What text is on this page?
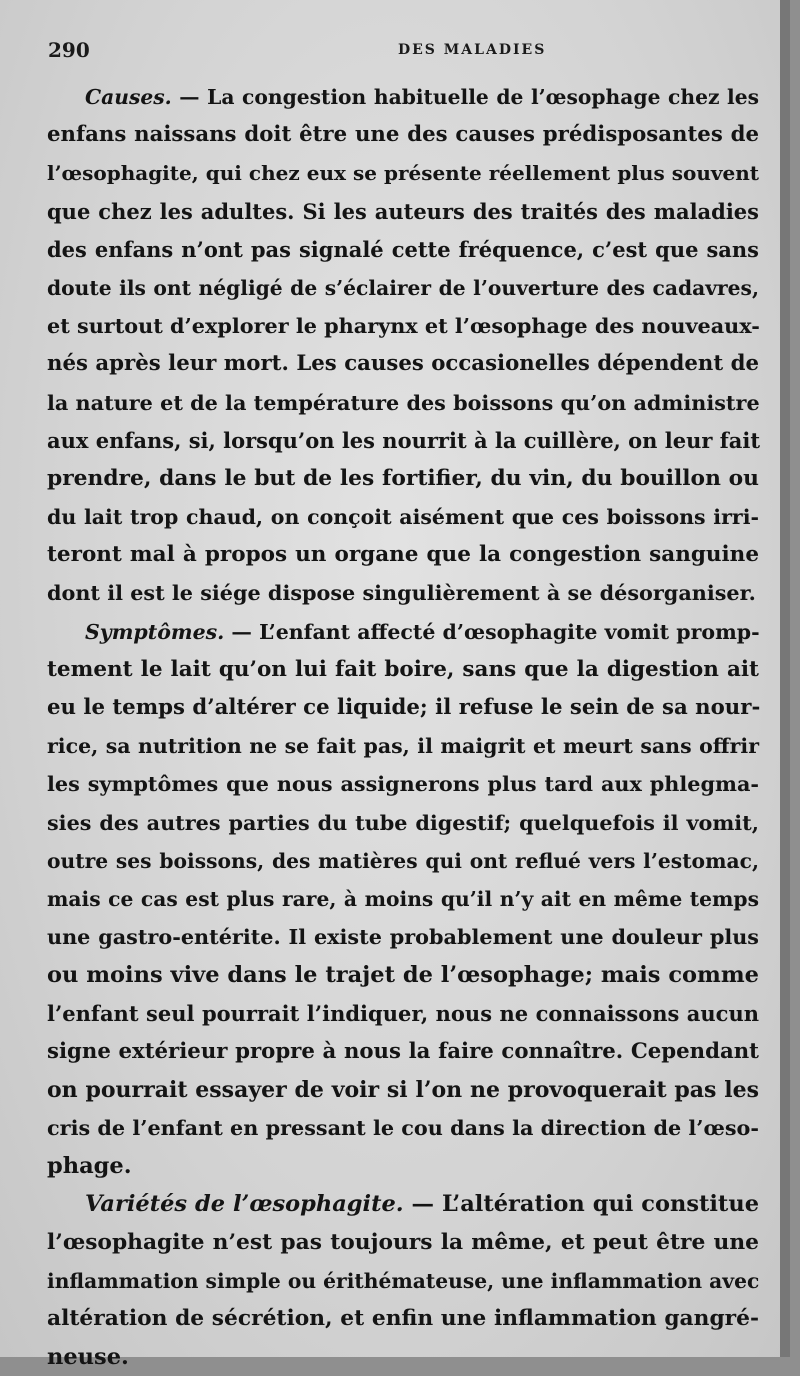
290	DES MALADIES
Causes. — La congestion habituelle de l’œsophage chez les
enfans naissans doit être une des causes prédisposantes de
l’œsophagite, qui chez eux se présente réellement plus souvent
que chez les adultes. Si les auteurs des traités des maladies
des enfans n’ont pas signalé cette fréquence, c’est que sans
doute ils ont négligé de s’éclairer de l’ouverture des cadavres,
et surtout d’explorer le pharynx et l’œsophage des nouveaux-
nés après leur mort. Les causes occasionelles dépendent de
la nature et de la température des boissons qu’on administre
aux enfans, si, lorsqu’on les nourrit à la cuillère, on leur fait
prendre, dans le but de les fortifier, du vin, du bouillon ou
du lait trop chaud, on conçoit aisément que ces boissons irri-
teront mal à propos un organe que la congestion sanguine
dont il est le siége dispose singulièrement à se désorganiser.
Symptômes. — L’enfant affecté d’œsophagite vomit promp-
tement le lait qu’on lui fait boire, sans que la digestion ait
eu le temps d’altérer ce liquide; il refuse le sein de sa nour-
rice, sa nutrition ne se fait pas, il maigrit et meurt sans offrir
les symptômes que nous assignerons plus tard aux phlegma-
sies des autres parties du tube digestif; quelquefois il vomit,
outre ses boissons, des matières qui ont reflué vers l’estomac,
mais ce cas est plus rare, à moins qu’il n’y ait en même temps
une gastro-entérite. Il existe probablement une douleur plus
ou moins vive dans le trajet de l’œsophage; mais comme
l’enfant seul pourrait l’indiquer, nous ne connaissons aucun
signe extérieur propre à nous la faire connaître. Cependant
on pourrait essayer de voir si l’on ne provoquerait pas les
cris de l’enfant en pressant le cou dans la direction de l’œso-
phage.
Variétés de l’œsophagite. — L’altération qui constitue
l’œsophagite n’est pas toujours la même, et peut être une
inflammation simple ou érithémateuse, une inflammation avec
altération de sécrétion, et enfin une inflammation gangré-
neuse.
